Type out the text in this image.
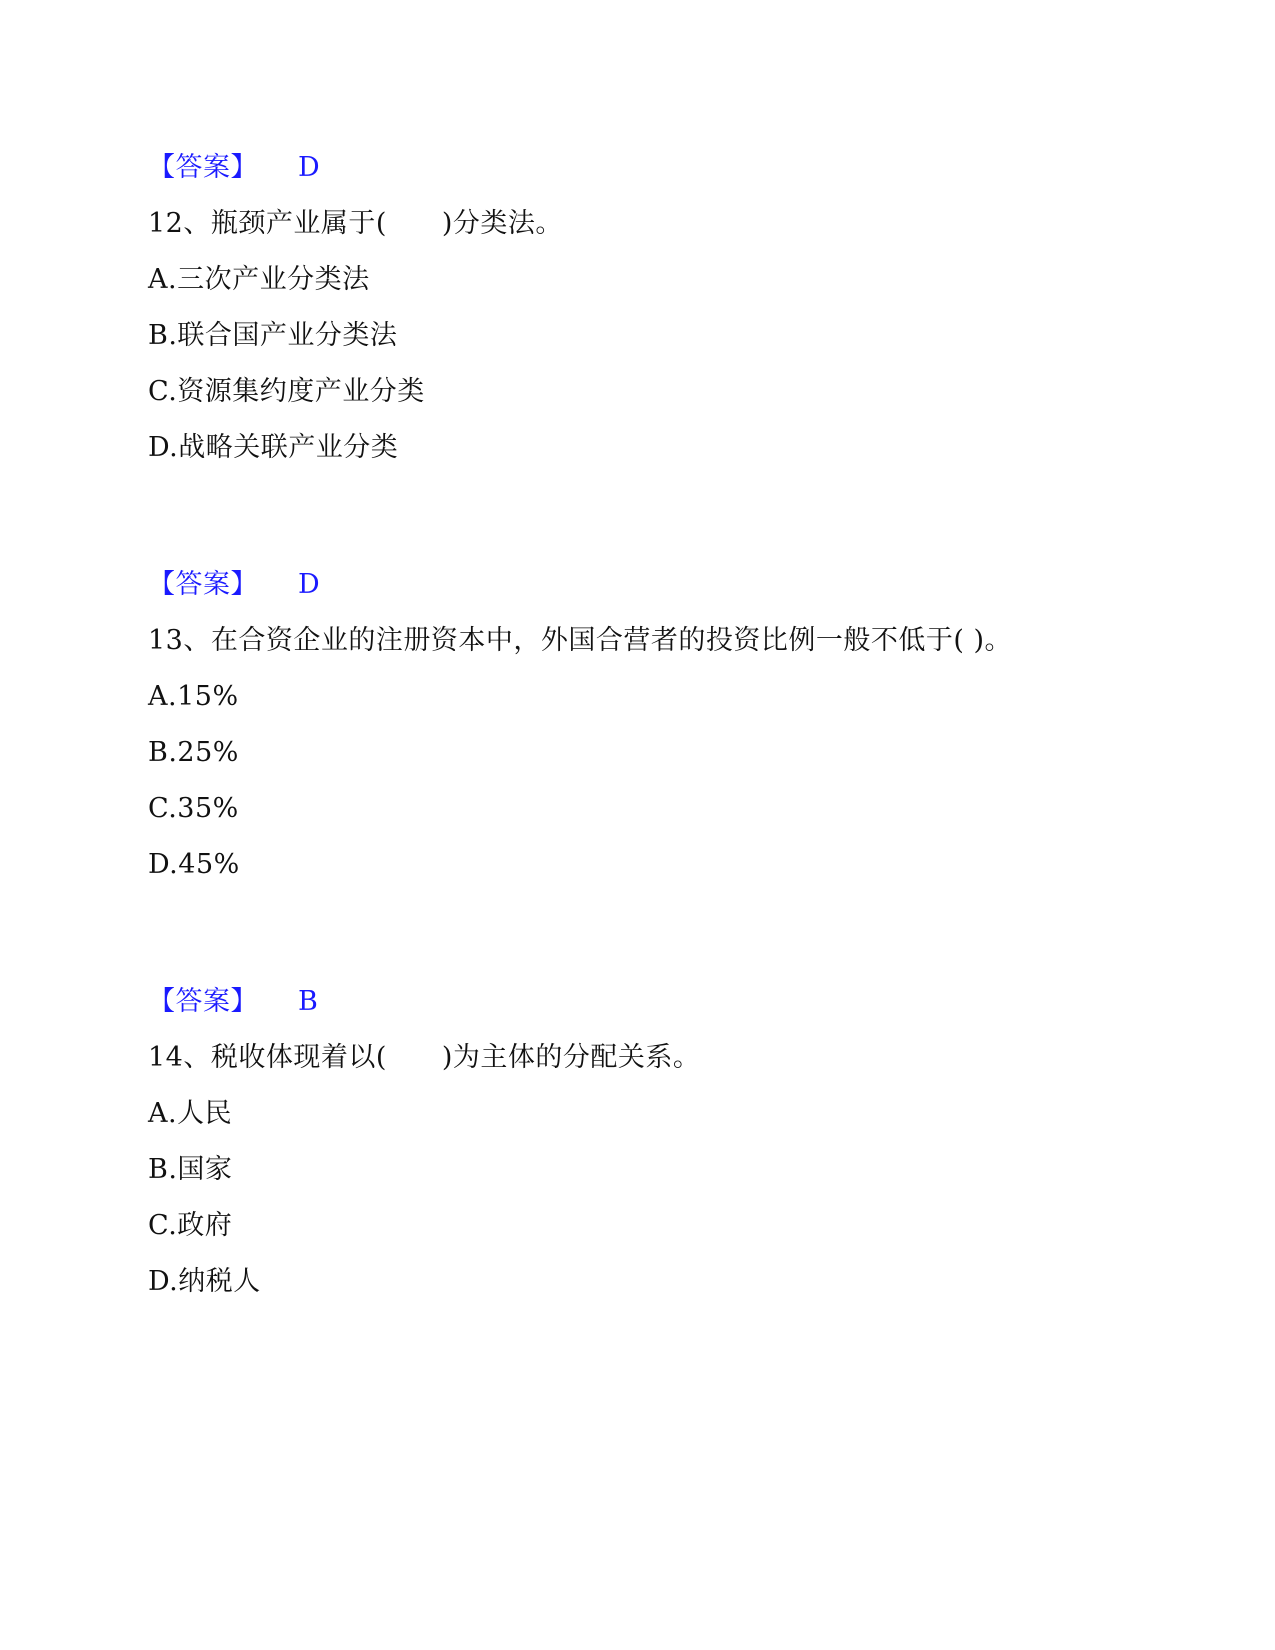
【答案】 D

12、瓶颈产业属于(　　)分类法。

A.三次产业分类法

B.联合国产业分类法

C.资源集约度产业分类

D.战略关联产业分类

【答案】 D

13、在合资企业的注册资本中，外国合营者的投资比例一般不低于( )。

A.15%

B.25%

C.35%

D.45%

【答案】 B

14、税收体现着以(　　)为主体的分配关系。

A.人民

B.国家

C.政府

D.纳税人
